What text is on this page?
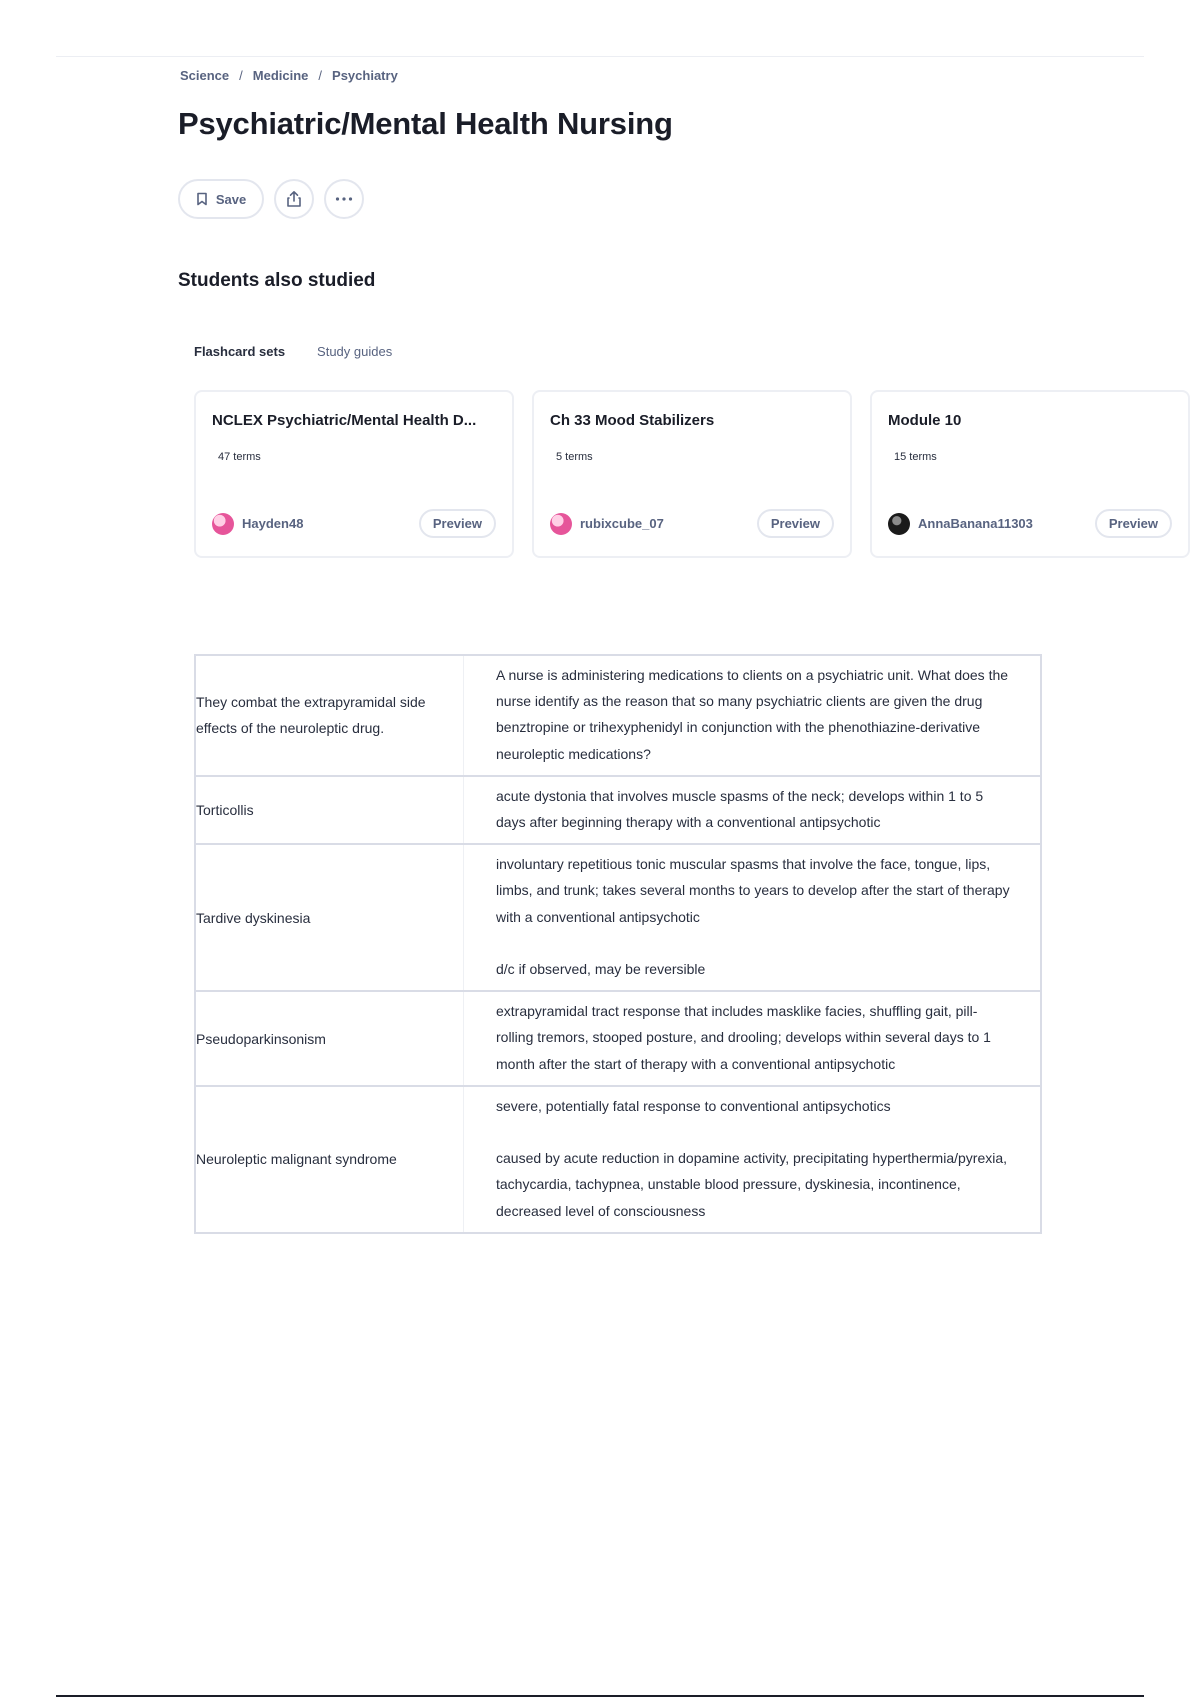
Science / Medicine / Psychiatry
Psychiatric/Mental Health Nursing
Save
Students also studied
Flashcard sets Study guides
NCLEX Psychiatric/Mental Health D...
47 terms
Hayden48	Preview
Ch 33 Mood Stabilizers
5 terms
rubixcube_07	Preview
Module 10
15 terms
AnnaBanana11303	Preview
They combat the extrapyramidal side effects of the neuroleptic drug.	A nurse is administering medications to clients on a psychiatric unit. What does the nurse identify as the reason that so many psychiatric clients are given the drug benztropine or trihexyphenidyl in conjunction with the phenothiazine-derivative neuroleptic medications?
Torticollis	acute dystonia that involves muscle spasms of the neck; develops within 1 to 5 days after beginning therapy with a conventional antipsychotic
Tardive dyskinesia	involuntary repetitious tonic muscular spasms that involve the face, tongue, lips, limbs, and trunk; takes several months to years to develop after the start of therapy with a conventional antipsychotic

d/c if observed, may be reversible
Pseudoparkinsonism	extrapyramidal tract response that includes masklike facies, shuffling gait, pill-rolling tremors, stooped posture, and drooling; develops within several days to 1 month after the start of therapy with a conventional antipsychotic
Neuroleptic malignant syndrome	severe, potentially fatal response to conventional antipsychotics

caused by acute reduction in dopamine activity, precipitating hyperthermia/pyrexia, tachycardia, tachypnea, unstable blood pressure, dyskinesia, incontinence, decreased level of consciousness
